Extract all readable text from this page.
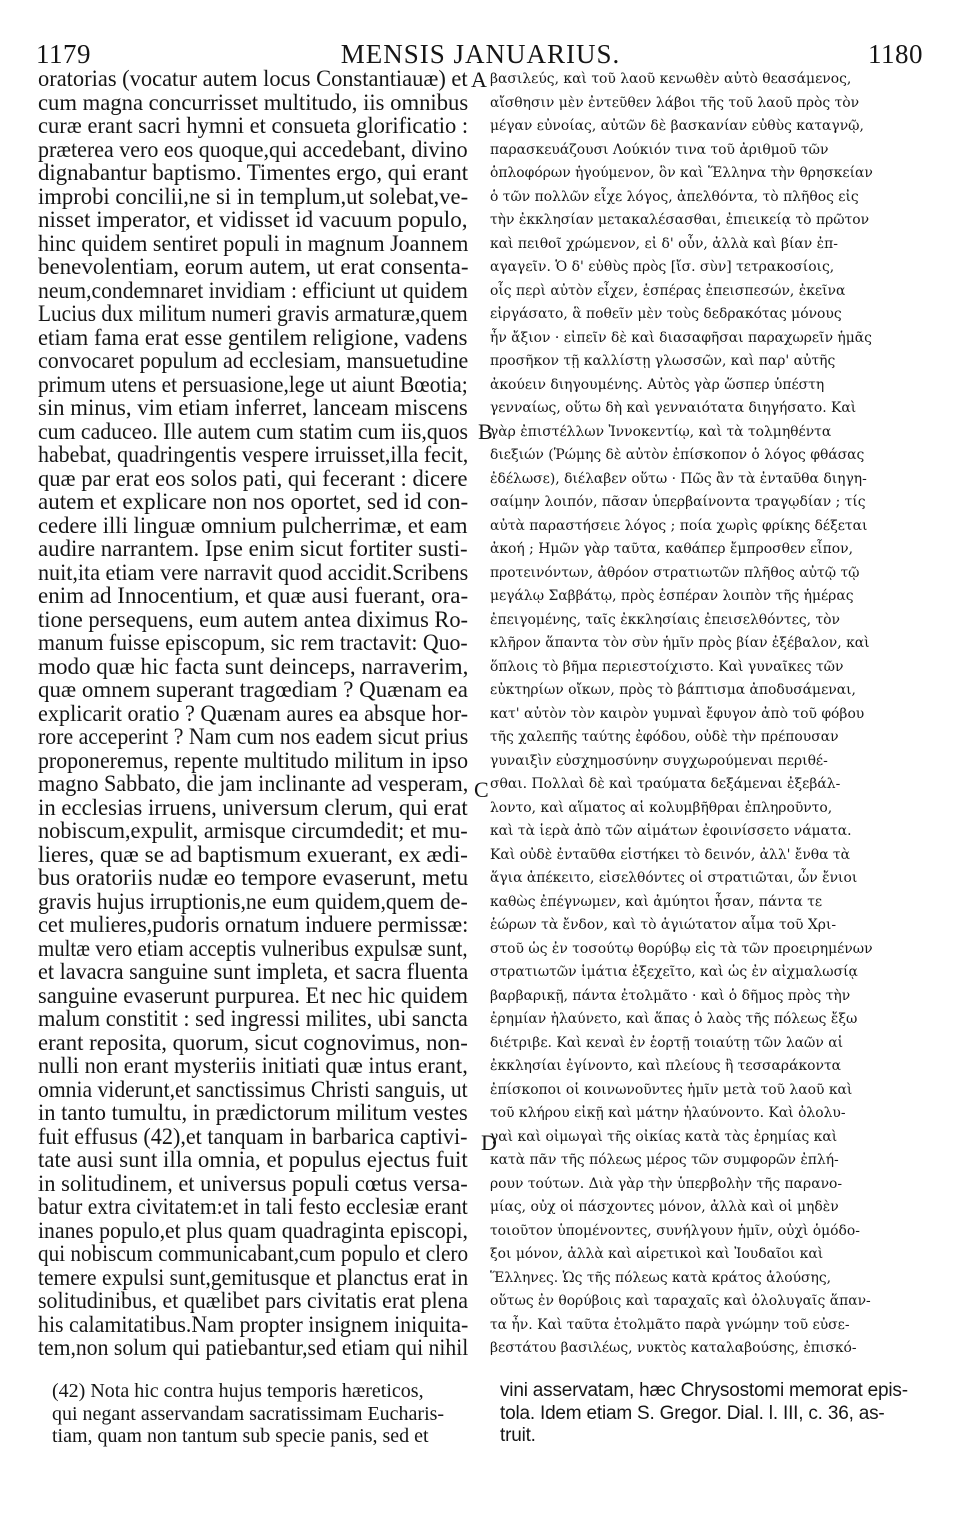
1179	MENSIS JANUARIUS.	1180
oratorias (vocatur autem locus Constantiauæ) et
cum magna concurrisset multitudo, iis omnibus
curæ erant sacri hymni et consueta glorificatio :
præterea vero eos quoque,qui accedebant, divino
dignabantur baptismo. Timentes ergo, qui erant
improbi concilii,ne si in templum,ut solebat,ve-
nisset imperator, et vidisset id vacuum populo,
hinc quidem sentiret populi in magnum Joannem
benevolentiam, eorum autem, ut erat consenta-
neum,condemnaret invidiam : efficiunt ut quidem
Lucius dux militum numeri gravis armaturæ,quem
etiam fama erat esse gentilem religione, vadens
convocaret populum ad ecclesiam, mansuetudine
primum utens et persuasione,lege ut aiunt Bœotia;
sin minus, vim etiam inferret, lanceam miscens
cum caduceo. Ille autem cum statim cum iis,quos
habebat, quadringentis vespere irruisset,illa fecit,
quæ par erat eos solos pati, qui fecerant : dicere
autem et explicare non nos oportet, sed id con-
cedere illi linguæ omnium pulcherrimæ, et eam
audire narrantem. Ipse enim sicut fortiter susti-
nuit,ita etiam vere narravit quod accidit.Scribens
enim ad Innocentium, et quæ ausi fuerant, ora-
tione persequens, eum autem antea diximus Ro-
manum fuisse episcopum, sic rem tractavit: Quo-
modo quæ hic facta sunt deinceps, narraverim,
quæ omnem superant tragœdiam ? Quænam ea
explicarit oratio ? Quænam aures ea absque hor-
rore acceperint ? Nam cum nos eadem sicut prius
proponeremus, repente multitudo militum in ipso
magno Sabbato, die jam inclinante ad vesperam,
in ecclesias irruens, universum clerum, qui erat
nobiscum,expulit, armisque circumdedit; et mu-
lieres, quæ se ad baptismum exuerant, ex ædi-
bus oratoriis nudæ eo tempore evaserunt, metu
gravis hujus irruptionis,ne eum quidem,quem de-
cet mulieres,pudoris ornatum induere permissæ:
multæ vero etiam acceptis vulneribus expulsæ sunt,
et lavacra sanguine sunt impleta, et sacra fluenta
sanguine evaserunt purpurea. Et nec hic quidem
malum constitit : sed ingressi milites, ubi sancta
erant reposita, quorum, sicut cognovimus, non-
nulli non erant mysteriis initiati quæ intus erant,
omnia viderunt,et sanctissimus Christi sanguis, ut
in tanto tumultu, in prædictorum militum vestes
fuit effusus (42),et tanquam in barbarica captivi-
tate ausi sunt illa omnia, et populus ejectus fuit
in solitudinem, et universus populi cœtus versa-
batur extra civitatem:et in tali festo ecclesiæ erant
inanes populo,et plus quam quadraginta episcopi,
qui nobiscum communicabant,cum populo et clero
temere expulsi sunt,gemitusque et planctus erat in
solitudinibus, et quælibet pars civitatis erat plena
his calamitatibus.Nam propter insignem iniquita-
tem,non solum qui patiebantur,sed etiam qui nihil
βασιλεύς, καὶ τοῦ λαοῦ κενωθὲν αὐτὸ θεασάμενος,
αἴσθησιν μὲν ἐντεῦθεν λάβοι τῆς τοῦ λαοῦ πρὸς τὸν
μέγαν εὐνοίας, αὐτῶν δὲ βασκανίαν εὐθὺς καταγνῷ,
παρασκευάζουσι Λούκιόν τινα τοῦ ἀριθμοῦ τῶν
ὁπλοφόρων ἡγούμενον, ὃν καὶ Ἕλληνα τὴν θρησκείαν
ὁ τῶν πολλῶν εἶχε λόγος, ἀπελθόντα, τὸ πλῆθος εἰς
τὴν ἐκκλησίαν μετακαλέσασθαι, ἐπιεικείᾳ τὸ πρῶτον
καὶ πειθοῖ χρώμενον, εἰ δ' οὖν, ἀλλὰ καὶ βίαν ἐπ-
αγαγεῖν. Ὁ δ' εὐθὺς πρὸς [ἴσ. σὺν] τετρακοσίοις,
οἷς περὶ αὐτὸν εἶχεν, ἑσπέρας ἐπεισπεσών, ἐκεῖνα
εἰργάσατο, ἃ ποθεῖν μὲν τοὺς δεδρακότας μόνους
ἦν ἄξιον · εἰπεῖν δὲ καὶ διασαφῆσαι παραχωρεῖν ἡμᾶς
προσῆκον τῇ καλλίστῃ γλωσσῶν, καὶ παρ' αὐτῆς
ἀκούειν διηγουμένης. Αὐτὸς γὰρ ὥσπερ ὑπέστη
γενναίως, οὕτω δὴ καὶ γενναιότατα διηγήσατο. Καὶ
γὰρ ἐπιστέλλων Ἰννοκεντίῳ, καὶ τὰ τολμηθέντα
διεξιών (Ῥώμης δὲ αὐτὸν ἐπίσκοπον ὁ λόγος φθάσας
ἐδέλωσε), διέλαβεν οὕτω · Πῶς ἂν τὰ ἐνταῦθα διηγη-
σαίμην λοιπόν, πᾶσαν ὑπερβαίνοντα τραγῳδίαν ; τίς
αὐτὰ παραστήσειε λόγος ; ποία χωρὶς φρίκης δέξεται
ἀκοή ; Ημῶν γὰρ ταῦτα, καθάπερ ἔμπροσθεν εἶπον,
προτεινόντων, ἀθρόον στρατιωτῶν πλῆθος αὐτῷ τῷ
μεγάλῳ Σαββάτῳ, πρὸς ἑσπέραν λοιπὸν τῆς ἡμέρας
ἐπειγομένης, ταῖς ἐκκλησίαις ἐπεισελθόντες, τὸν
κλῆρον ἅπαντα τὸν σὺν ἡμῖν πρὸς βίαν ἐξέβαλον, καὶ
ὅπλοις τὸ βῆμα περιεστοίχιστο. Καὶ γυναῖκες τῶν
εὐκτηρίων οἴκων, πρὸς τὸ βάπτισμα ἀποδυσάμεναι,
κατ' αὐτὸν τὸν καιρὸν γυμναὶ ἔφυγον ἀπὸ τοῦ φόβου
τῆς χαλεπῆς ταύτης ἐφόδου, οὐδὲ τὴν πρέπουσαν
γυναιξὶν εὐσχημοσύνην συγχωρούμεναι περιθέ-
σθαι. Πολλαὶ δὲ καὶ τραύματα δεξάμεναι ἐξεβάλ-
λοντο, καὶ αἵματος αἱ κολυμβῆθραι ἐπληροῦντο,
καὶ τὰ ἱερὰ ἀπὸ τῶν αἱμάτων ἐφοινίσσετο νάματα.
Καὶ οὐδὲ ἐνταῦθα εἱστήκει τὸ δεινόν, ἀλλ' ἔνθα τὰ
ἅγια ἀπέκειτο, εἰσελθόντες οἱ στρατιῶται, ὧν ἔνιοι
καθὼς ἐπέγνωμεν, καὶ ἀμύητοι ἦσαν, πάντα τε
ἑώρων τὰ ἔνδον, καὶ τὸ ἁγιώτατον αἷμα τοῦ Χρι-
στοῦ ὡς ἐν τοσούτῳ θορύβῳ εἰς τὰ τῶν προειρημένων
στρατιωτῶν ἱμάτια ἐξεχεῖτο, καὶ ὡς ἐν αἰχμαλωσίᾳ
βαρβαρικῇ, πάντα ἐτολμᾶτο · καὶ ὁ δῆμος πρὸς τὴν
ἐρημίαν ἠλαύνετο, καὶ ἅπας ὁ λαὸς τῆς πόλεως ἔξω
διέτριβε. Καὶ κεναὶ ἐν ἑορτῇ τοιαύτῃ τῶν λαῶν αἱ
ἐκκλησίαι ἐγίνοντο, καὶ πλείους ἢ τεσσαράκοντα
ἐπίσκοποι οἱ κοινωνοῦντες ἡμῖν μετὰ τοῦ λαοῦ καὶ
τοῦ κλήρου εἰκῇ καὶ μάτην ἠλαύνοντο. Καὶ ὀλολυ-
γαὶ καὶ οἰμωγαὶ τῆς οἰκίας κατὰ τὰς ἐρημίας καὶ
κατὰ πᾶν τῆς πόλεως μέρος τῶν συμφορῶν ἐπλή-
ρουν τούτων. Διὰ γὰρ τὴν ὑπερβολὴν τῆς παρανο-
μίας, οὐχ οἱ πάσχοντες μόνον, ἀλλὰ καὶ οἱ μηδὲν
τοιοῦτον ὑπομένοντες, συνήλγουν ἡμῖν, οὐχὶ ὁμόδο-
ξοι μόνον, ἀλλὰ καὶ αἱρετικοὶ καὶ Ἰουδαῖοι καὶ
Ἕλληνες. Ὡς τῆς πόλεως κατὰ κράτος ἁλούσης,
οὕτως ἐν θορύβοις καὶ ταραχαῖς καὶ ὀλολυγαῖς ἅπαν-
τα ἦν. Καὶ ταῦτα ἐτολμᾶτο παρὰ γνώμην τοῦ εὐσε-
βεστάτου βασιλέως, νυκτὸς καταλαβούσης, ἐπισκό-
A
B
C
D
(42) Nota hic contra hujus temporis hæreticos,
qui negant asservandam sacratissimam Eucharis-
tiam, quam non tantum sub specie panis, sed et
vini asservatam, hæc Chrysostomi memorat epis-
tola. Idem etiam S. Gregor. Dial. l. III, c. 36, as-
truit.
